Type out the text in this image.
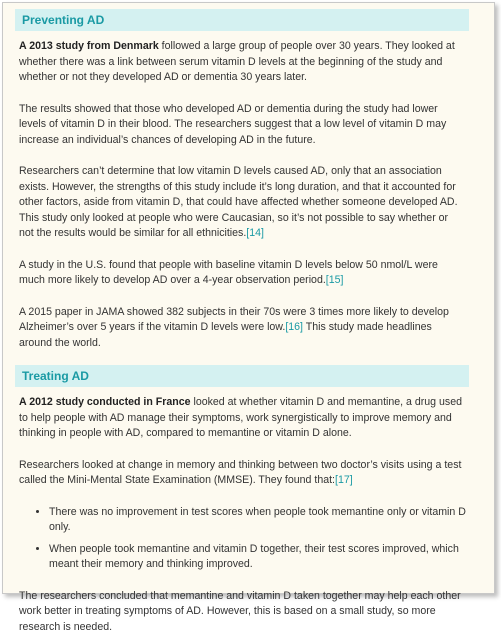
Preventing AD

A 2013 study from Denmark followed a large group of people over 30 years. They looked at whether there was a link between serum vitamin D levels at the beginning of the study and whether or not they developed AD or dementia 30 years later.

The results showed that those who developed AD or dementia during the study had lower levels of vitamin D in their blood. The researchers suggest that a low level of vitamin D may increase an individual’s chances of developing AD in the future.

Researchers can’t determine that low vitamin D levels caused AD, only that an association exists. However, the strengths of this study include it’s long duration, and that it accounted for other factors, aside from vitamin D, that could have affected whether someone developed AD. This study only looked at people who were Caucasian, so it’s not possible to say whether or not the results would be similar for all ethnicities.[14]

A study in the U.S. found that people with baseline vitamin D levels below 50 nmol/L were much more likely to develop AD over a 4-year observation period.[15]

A 2015 paper in JAMA showed 382 subjects in their 70s were 3 times more likely to develop Alzheimer’s over 5 years if the vitamin D levels were low.[16] This study made headlines around the world.

Treating AD

A 2012 study conducted in France looked at whether vitamin D and memantine, a drug used to help people with AD manage their symptoms, work synergistically to improve memory and thinking in people with AD, compared to memantine or vitamin D alone.

Researchers looked at change in memory and thinking between two doctor’s visits using a test called the Mini-Mental State Examination (MMSE). They found that:[17]

• There was no improvement in test scores when people took memantine only or vitamin D only.
• When people took memantine and vitamin D together, their test scores improved, which meant their memory and thinking improved.

The researchers concluded that memantine and vitamin D taken together may help each other work better in treating symptoms of AD. However, this is based on a small study, so more research is needed.
